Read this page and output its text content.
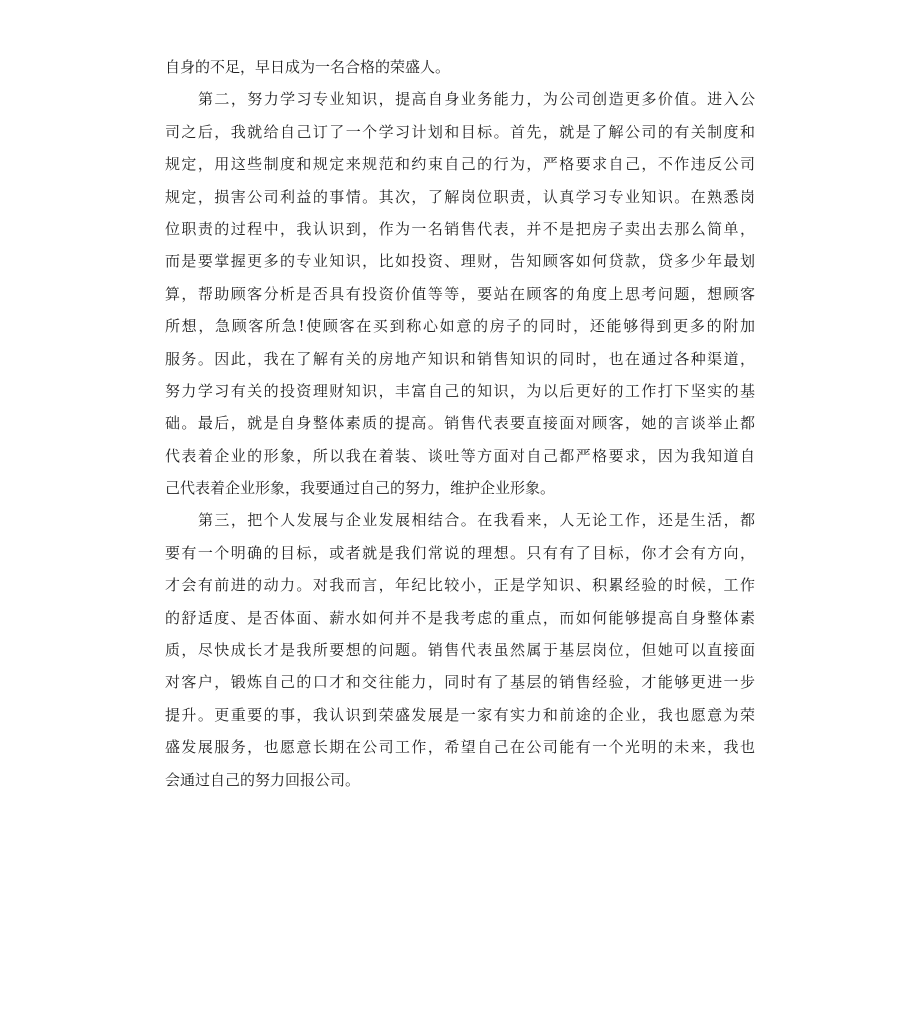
自身的不足，早日成为一名合格的荣盛人。
第二，努力学习专业知识，提高自身业务能力，为公司创造更多价值。进入公
司之后，我就给自己订了一个学习计划和目标。首先，就是了解公司的有关制度和
规定，用这些制度和规定来规范和约束自己的行为，严格要求自己，不作违反公司
规定，损害公司利益的事情。其次，了解岗位职责，认真学习专业知识。在熟悉岗
位职责的过程中，我认识到，作为一名销售代表，并不是把房子卖出去那么简单，
而是要掌握更多的专业知识，比如投资、理财，告知顾客如何贷款，贷多少年最划
算，帮助顾客分析是否具有投资价值等等，要站在顾客的角度上思考问题，想顾客
所想，急顾客所急!使顾客在买到称心如意的房子的同时，还能够得到更多的附加
服务。因此，我在了解有关的房地产知识和销售知识的同时，也在通过各种渠道，
努力学习有关的投资理财知识，丰富自己的知识，为以后更好的工作打下坚实的基
础。最后，就是自身整体素质的提高。销售代表要直接面对顾客，她的言谈举止都
代表着企业的形象，所以我在着装、谈吐等方面对自己都严格要求，因为我知道自
己代表着企业形象，我要通过自己的努力，维护企业形象。
第三，把个人发展与企业发展相结合。在我看来，人无论工作，还是生活，都
要有一个明确的目标，或者就是我们常说的理想。只有有了目标，你才会有方向，
才会有前进的动力。对我而言，年纪比较小，正是学知识、积累经验的时候，工作
的舒适度、是否体面、薪水如何并不是我考虑的重点，而如何能够提高自身整体素
质，尽快成长才是我所要想的问题。销售代表虽然属于基层岗位，但她可以直接面
对客户，锻炼自己的口才和交往能力，同时有了基层的销售经验，才能够更进一步
提升。更重要的事，我认识到荣盛发展是一家有实力和前途的企业，我也愿意为荣
盛发展服务，也愿意长期在公司工作，希望自己在公司能有一个光明的未来，我也
会通过自己的努力回报公司。
